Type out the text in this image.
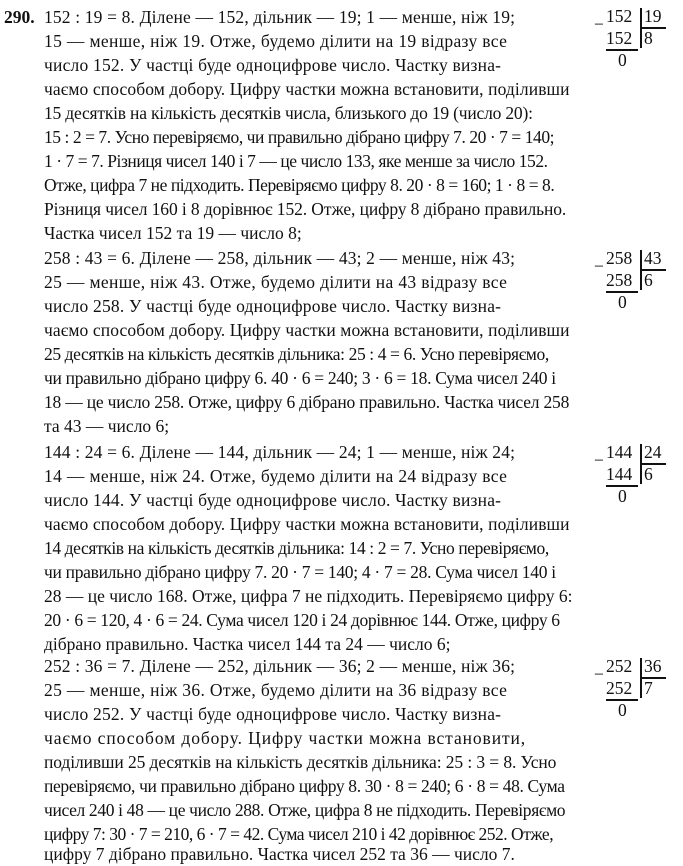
290. 152 : 19 = 8. Ділене — 152, дільник — 19; 1 — менше, ніж 19;
15 — менше, ніж 19. Отже, будемо ділити на 19 відразу все
число 152. У частці буде одноцифрове число. Частку визна-
чаємо способом добору. Цифру частки можна встановити, поділивши
15 десятків на кількість десятків числа, близького до 19 (число 20):
15 : 2 = 7. Усно перевіряємо, чи правильно дібрано цифру 7. 20 · 7 = 140;
1 · 7 = 7. Різниця чисел 140 і 7 — це число 133, яке менше за число 152.
Отже, цифра 7 не підходить. Перевіряємо цифру 8. 20 · 8 = 160; 1 · 8 = 8.
Різниця чисел 160 і 8 дорівнює 152. Отже, цифру 8 дібрано правильно.
Частка чисел 152 та 19 — число 8;
− 152 19
152 8
0
258 : 43 = 6. Ділене — 258, дільник — 43; 2 — менше, ніж 43;
25 — менше, ніж 43. Отже, будемо ділити на 43 відразу все
число 258. У частці буде одноцифрове число. Частку визна-
чаємо способом добору. Цифру частки можна встановити, поділивши
25 десятків на кількість десятків дільника: 25 : 4 = 6. Усно перевіряємо,
чи правильно дібрано цифру 6. 40 · 6 = 240; 3 · 6 = 18. Сума чисел 240 і
18 — це число 258. Отже, цифру 6 дібрано правильно. Частка чисел 258
та 43 — число 6;
− 258 43
258 6
0
144 : 24 = 6. Ділене — 144, дільник — 24; 1 — менше, ніж 24;
14 — менше, ніж 24. Отже, будемо ділити на 24 відразу все
число 144. У частці буде одноцифрове число. Частку визна-
чаємо способом добору. Цифру частки можна встановити, поділивши
14 десятків на кількість десятків дільника: 14 : 2 = 7. Усно перевіряємо,
чи правильно дібрано цифру 7. 20 · 7 = 140; 4 · 7 = 28. Сума чисел 140 і
28 — це число 168. Отже, цифра 7 не підходить. Перевіряємо цифру 6:
20 · 6 = 120, 4 · 6 = 24. Сума чисел 120 і 24 дорівнює 144. Отже, цифру 6
дібрано правильно. Частка чисел 144 та 24 — число 6;
− 144 24
144 6
0
252 : 36 = 7. Ділене — 252, дільник — 36; 2 — менше, ніж 36;
25 — менше, ніж 36. Отже, будемо ділити на 36 відразу все
число 252. У частці буде одноцифрове число. Частку визна-
чаємо способом добору. Цифру частки можна встановити,
поділивши 25 десятків на кількість десятків дільника: 25 : 3 = 8. Усно
перевіряємо, чи правильно дібрано цифру 8. 30 · 8 = 240; 6 · 8 = 48. Сума
чисел 240 і 48 — це число 288. Отже, цифра 8 не підходить. Перевіряємо
цифру 7: 30 · 7 = 210, 6 · 7 = 42. Сума чисел 210 і 42 дорівнює 252. Отже,
цифру 7 дібрано правильно. Частка чисел 252 та 36 — число 7.
− 252 36
252 7
0
